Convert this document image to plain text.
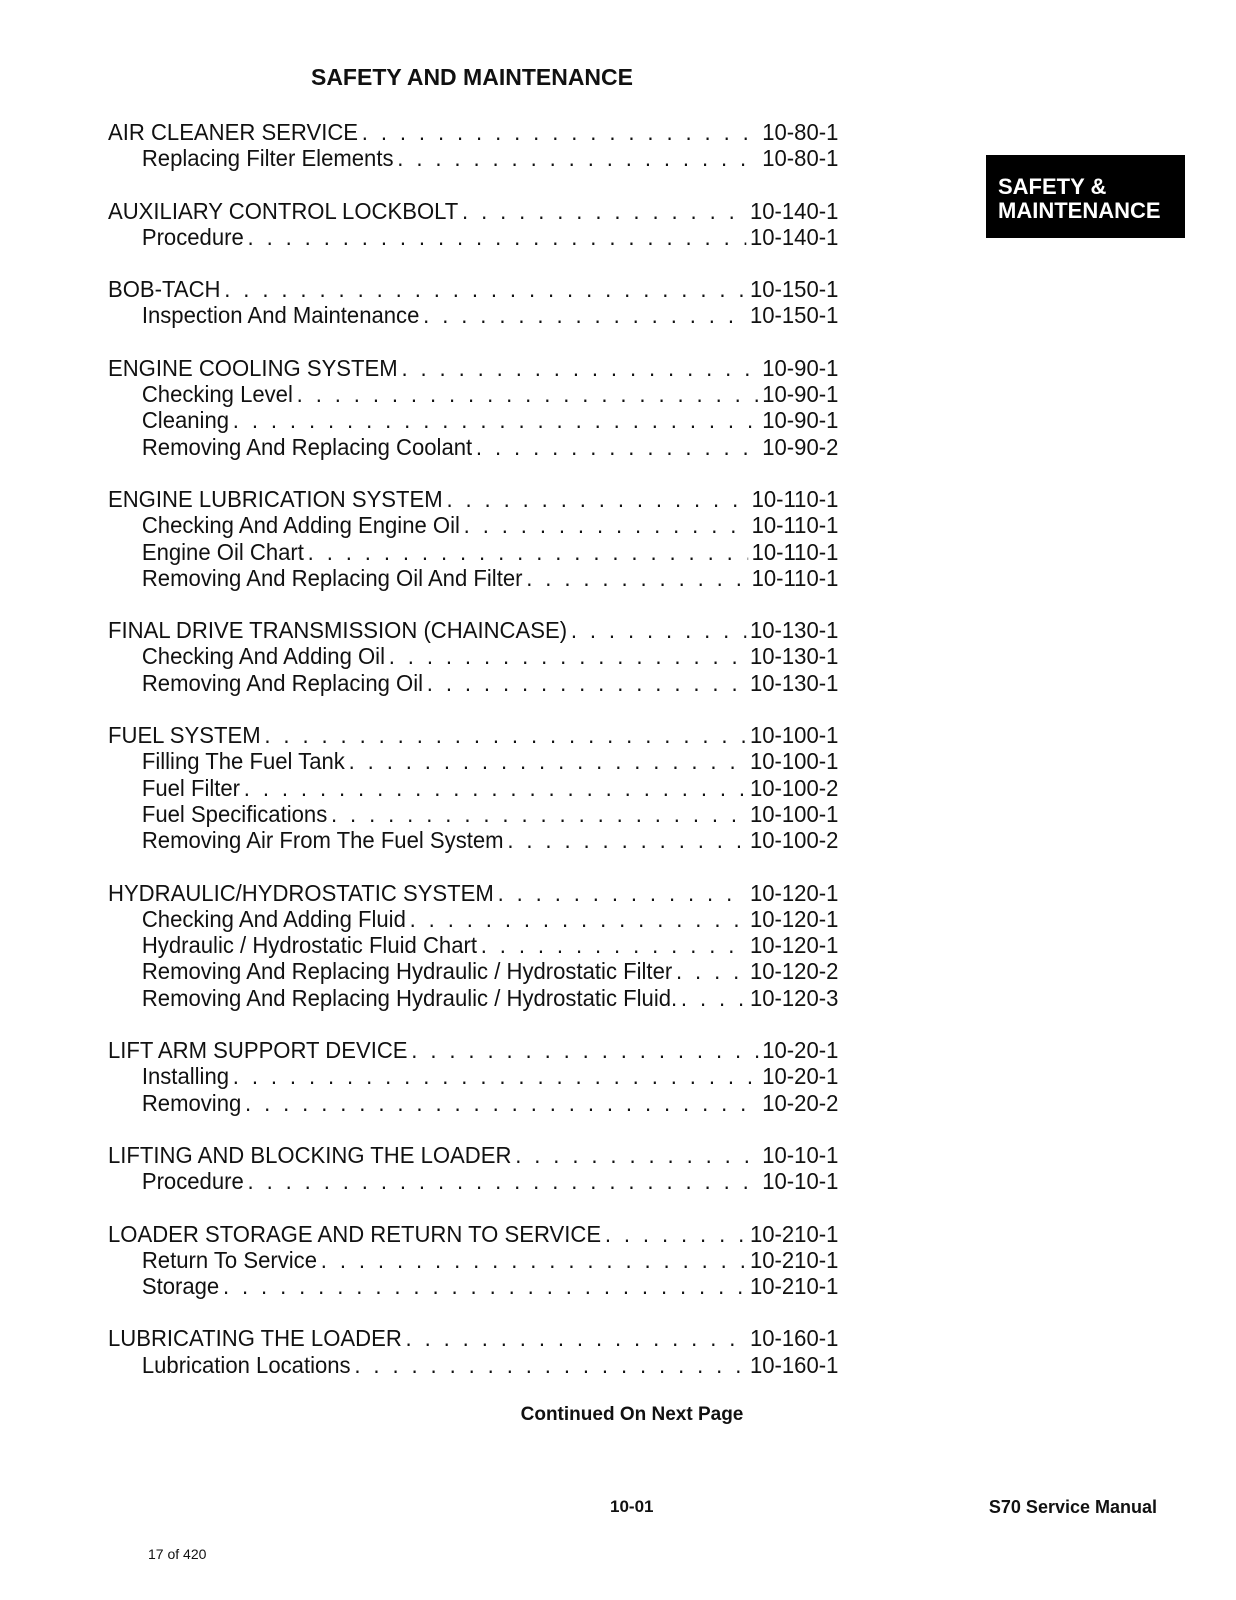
SAFETY AND MAINTENANCE
SAFETY &
MAINTENANCE
AIR CLEANER SERVICE . . .	10-80-1
Replacing Filter Elements . . .	10-80-1
AUXILIARY CONTROL LOCKBOLT . . .	10-140-1
Procedure . . .	10-140-1
BOB-TACH . . .	10-150-1
Inspection And Maintenance . . .	10-150-1
ENGINE COOLING SYSTEM . . .	10-90-1
Checking Level . . .	10-90-1
Cleaning . . .	10-90-1
Removing And Replacing Coolant . . .	10-90-2
ENGINE LUBRICATION SYSTEM . . .	10-110-1
Checking And Adding Engine Oil . . .	10-110-1
Engine Oil Chart . . .	10-110-1
Removing And Replacing Oil And Filter . . .	10-110-1
FINAL DRIVE TRANSMISSION (CHAINCASE) . . .	10-130-1
Checking And Adding Oil . . .	10-130-1
Removing And Replacing Oil . . .	10-130-1
FUEL SYSTEM . . .	10-100-1
Filling The Fuel Tank . . .	10-100-1
Fuel Filter . . .	10-100-2
Fuel Specifications . . .	10-100-1
Removing Air From The Fuel System . . .	10-100-2
HYDRAULIC/HYDROSTATIC SYSTEM . . .	10-120-1
Checking And Adding Fluid . . .	10-120-1
Hydraulic / Hydrostatic Fluid Chart . . .	10-120-1
Removing And Replacing Hydraulic / Hydrostatic Filter . . .	10-120-2
Removing And Replacing Hydraulic / Hydrostatic Fluid. . . .	10-120-3
LIFT ARM SUPPORT DEVICE . . .	10-20-1
Installing . . .	10-20-1
Removing . . .	10-20-2
LIFTING AND BLOCKING THE LOADER . . .	10-10-1
Procedure . . .	10-10-1
LOADER STORAGE AND RETURN TO SERVICE . . .	10-210-1
Return To Service . . .	10-210-1
Storage . . .	10-210-1
LUBRICATING THE LOADER . . .	10-160-1
Lubrication Locations . . .	10-160-1
Continued On Next Page
10-01	S70 Service Manual
17 of 420
